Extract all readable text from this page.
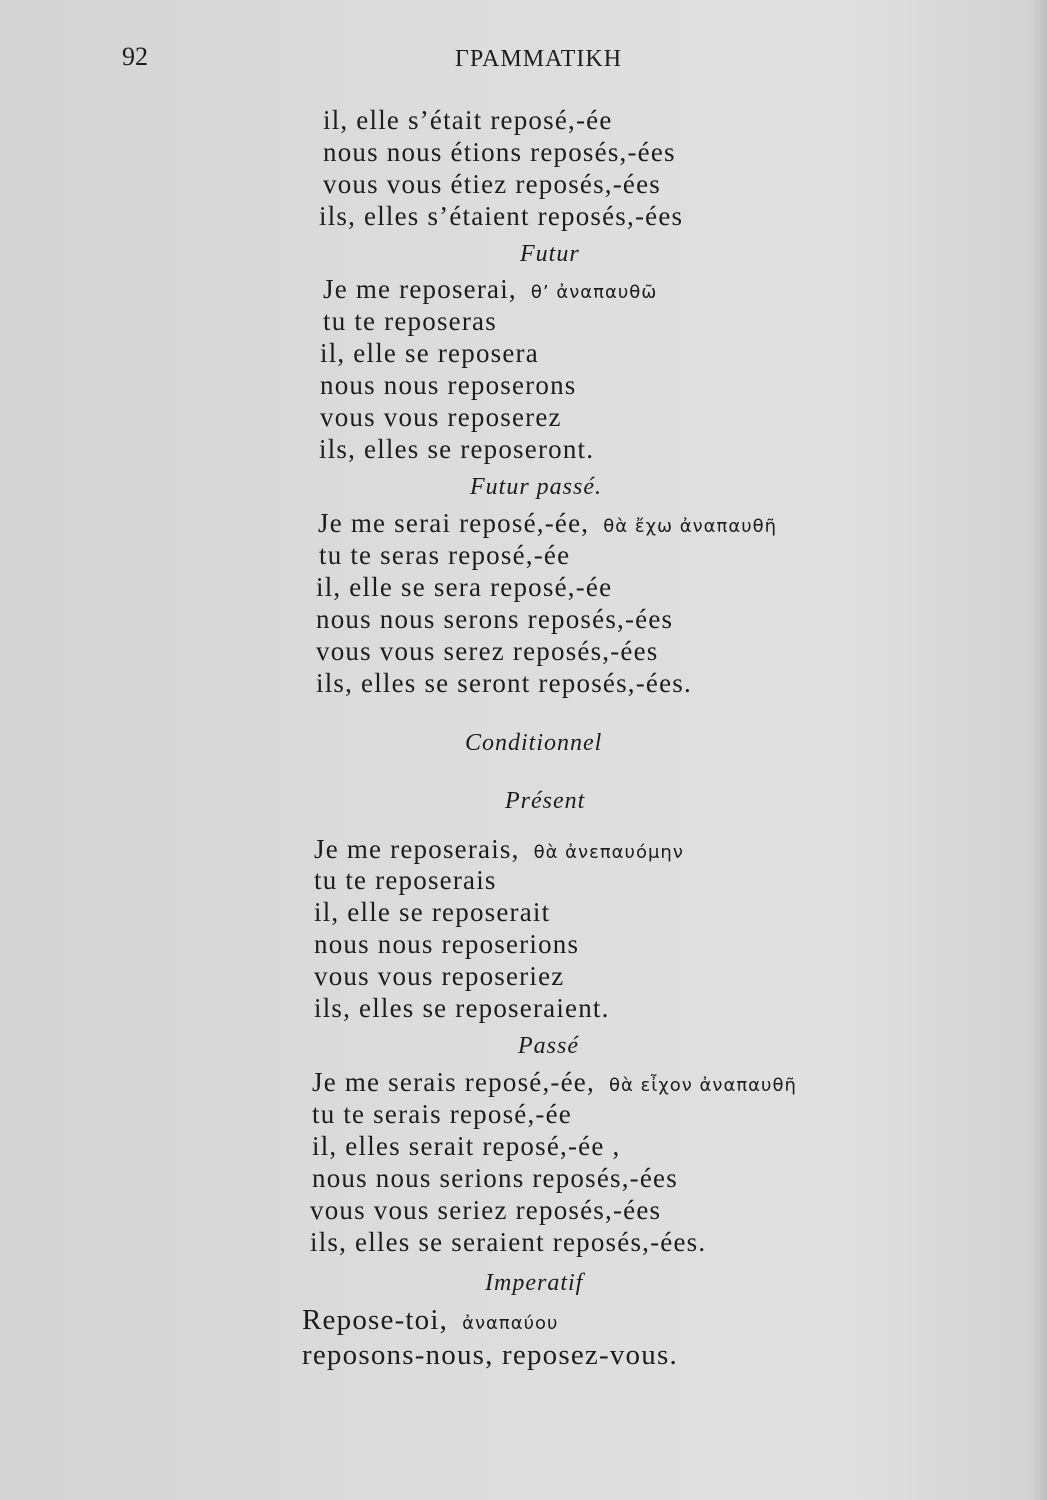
92	ΓΡΑΜΜΑΤΙΚΗ
il, elle s’était reposé,-ée
nous nous étions reposés,-ées
vous vous étiez reposés,-ées
ils, elles s’étaient reposés,-ées
Futur
Je me reposerai, θ’ ἀναπαυθῶ
tu te reposeras
il, elle se reposera
nous nous reposerons
vous vous reposerez
ils, elles se reposeront.
Futur passé.
Je me serai reposé,-ée, θὰ ἔχω ἀναπαυθῆ
tu te seras reposé,-ée
il, elle se sera reposé,-ée
nous nous serons reposés,-ées
vous vous serez reposés,-ées
ils, elles se seront reposés,-ées.
Conditionnel
Présent
Je me reposerais, θὰ ἀνεπαυόμην
tu te reposerais
il, elle se reposerait
nous nous reposerions
vous vous reposeriez
ils, elles se reposeraient.
Passé
Je me serais reposé,-ée, θὰ εἶχον ἀναπαυθῆ
tu te serais reposé,-ée
il, elles serait reposé,-ée ,
nous nous serions reposés,-ées
vous vous seriez reposés,-ées
ils, elles se seraient reposés,-ées.
Imperatif
Repose-toi, ἀναπαύου
reposons-nous, reposez-vous.
